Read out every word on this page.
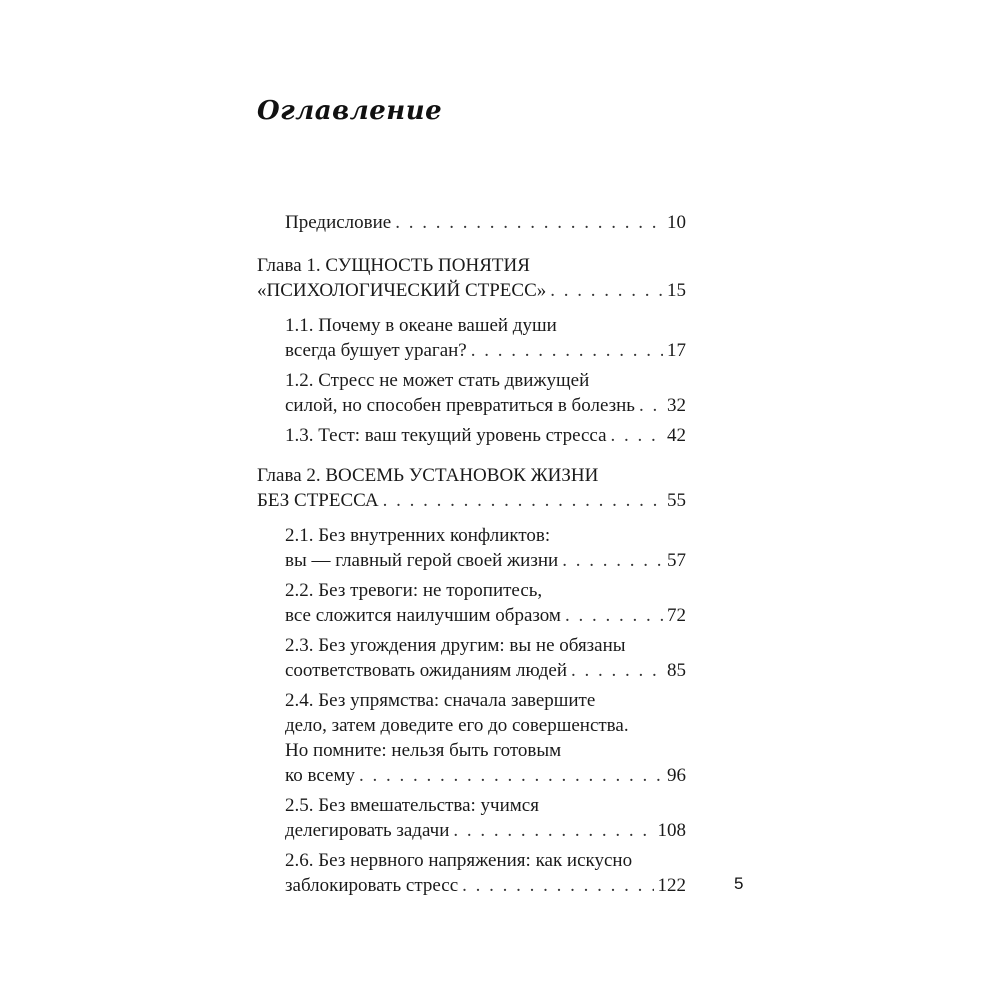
Оглавление
Предисловие . . .	10
Глава 1. СУЩНОСТЬ ПОНЯТИЯ
«ПСИХОЛОГИЧЕСКИЙ СТРЕСС» . . .	15
1.1. Почему в океане вашей души
всегда бушует ураган? . . .	17
1.2. Стресс не может стать движущей
силой, но способен превратиться в болезнь . . . 32
1.3. Тест: ваш текущий уровень стресса . . .	42
Глава 2. ВОСЕМЬ УСТАНОВОК ЖИЗНИ
БЕЗ СТРЕССА . . .	55
2.1. Без внутренних конфликтов:
вы — главный герой своей жизни . . .	57
2.2. Без тревоги: не торопитесь,
все сложится наилучшим образом . . .	72
2.3. Без угождения другим: вы не обязаны
соответствовать ожиданиям людей . . .	85
2.4. Без упрямства: сначала завершите
дело, затем доведите его до совершенства.
Но помните: нельзя быть готовым
ко всему . . .	96
2.5. Без вмешательства: учимся
делегировать задачи . . .	108
2.6. Без нервного напряжения: как искусно
заблокировать стресс . . .	122	5
